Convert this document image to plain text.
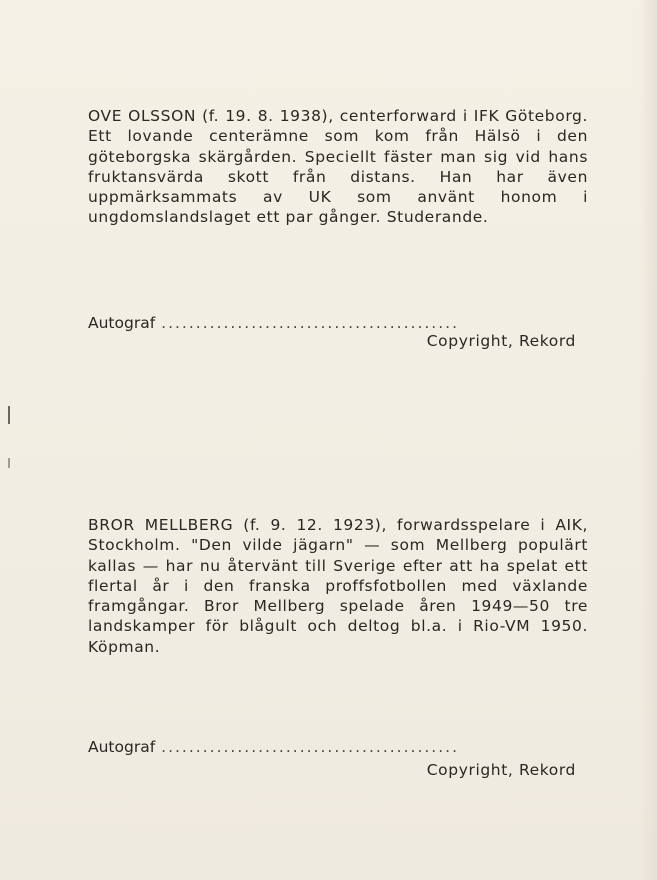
OVE OLSSON (f. 19. 8. 1938), centerforward i IFK Göteborg. Ett lovande centerämne som kom från Hälsö i den göteborgska skärgården. Speciellt fäster man sig vid hans fruktansvärda skott från distans. Han har även uppmärksammats av UK som använt honom i ungdomslandslaget ett par gånger. Studerande.

Autograf ...........................................
Copyright, Rekord

BROR MELLBERG (f. 9. 12. 1923), forwardsspelare i AIK, Stockholm. "Den vilde jägarn" — som Mellberg populärt kallas — har nu återvänt till Sverige efter att ha spelat ett flertal år i den franska proffsfotbollen med växlande framgångar. Bror Mellberg spelade åren 1949—50 tre landskamper för blågult och deltog bl.a. i Rio-VM 1950. Köpman.

Autograf ...........................................
Copyright, Rekord
